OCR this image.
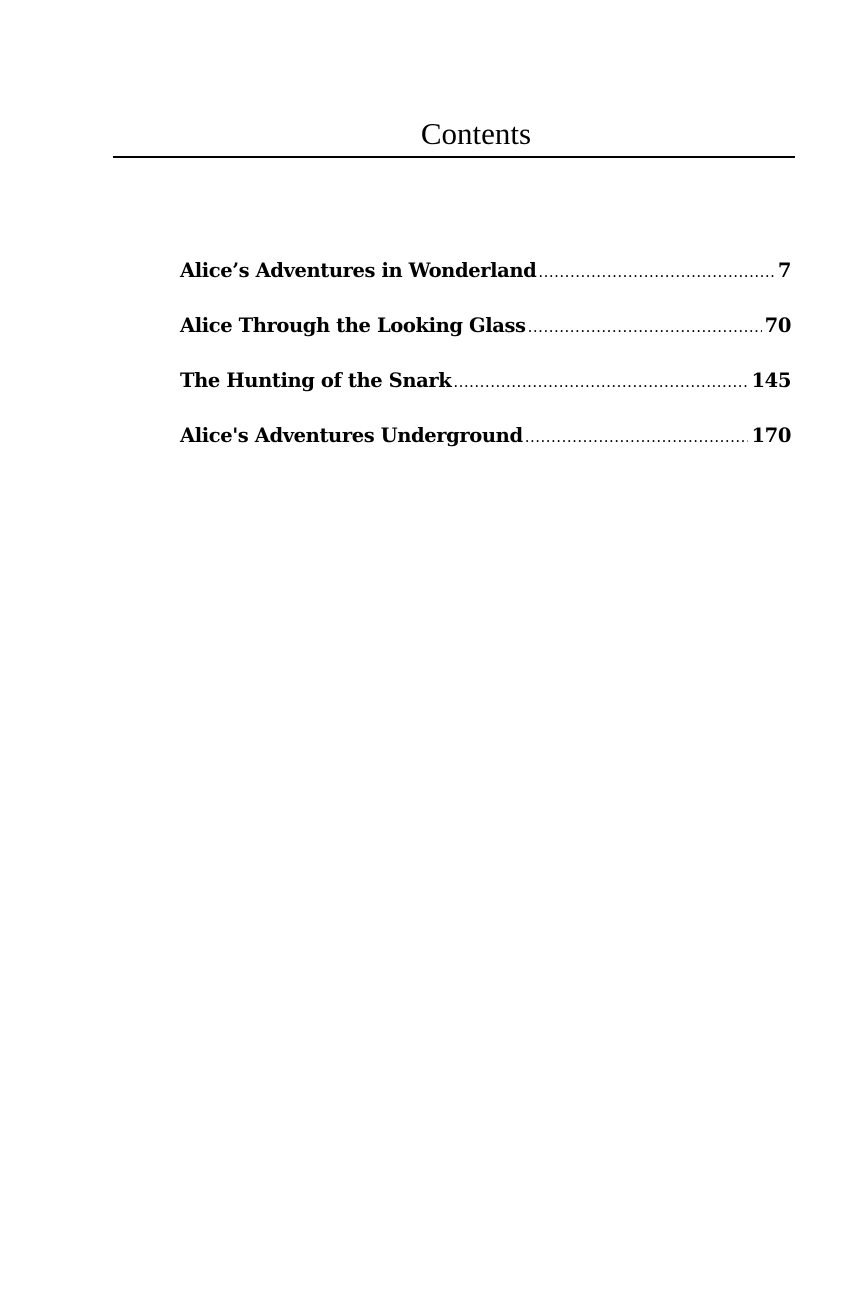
Contents
Alice’s Adventures in Wonderland .....	7
Alice Through the Looking Glass .....	70
The Hunting of the Snark .....	145
Alice's Adventures Underground .....	170
